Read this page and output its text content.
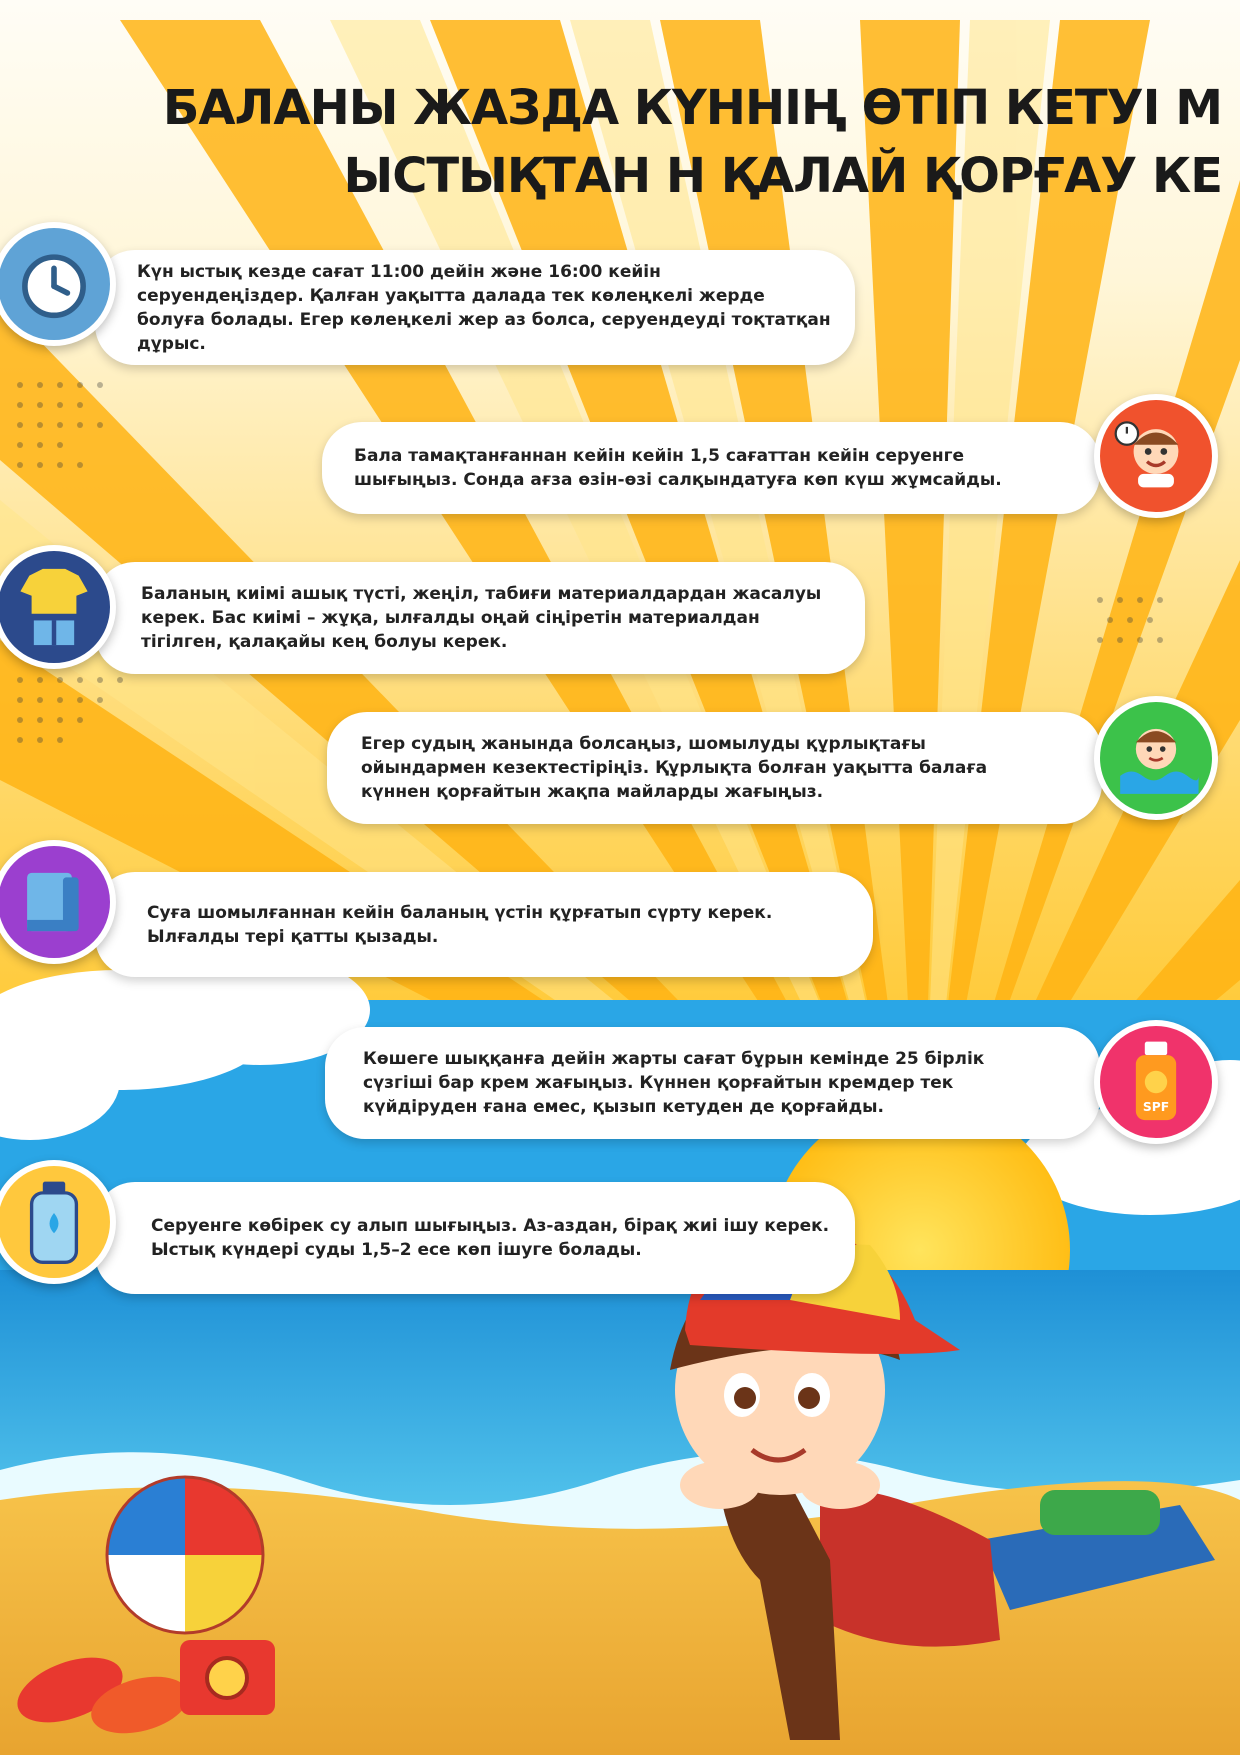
БАЛАНЫ ЖАЗДА КҮННІҢ ӨТІП КЕТУІ М
ЫСТЫҚТАН Н ҚАЛАЙ ҚОРҒАУ КЕ

Күн ыстық кезде сағат 11:00 дейін және 16:00 кейін серуендеңіздер. Қалған уақытта далада тек көлеңкелі жерде болуға болады. Егер көлеңкелі жер аз болса, серуендеуді тоқтатқан дұрыс.

Бала тамақтанғаннан кейін кейін 1,5 сағаттан кейін серуенге шығыңыз. Сонда ағза өзін-өзі салқындатуға көп күш жұмсайды.

Баланың киімі ашық түсті, жеңіл, табиғи материалдардан жасалуы керек. Бас киімі – жұқа, ылғалды оңай сіңіретін материалдан тігілген, қалақайы кең болуы керек.

Егер судың жанында болсаңыз, шомылуды құрлықтағы ойындармен кезектестіріңіз. Құрлықта болған уақытта балаға күннен қорғайтын жақпа майларды жағыңыз.

Суға шомылғаннан кейін баланың үстін құрғатып сүрту керек. Ылғалды тері қатты қызады.

Көшеге шыққанға дейін жарты сағат бұрын кемінде 25 бірлік сүзгіші бар крем жағыңыз. Күннен қорғайтын кремдер тек күйдіруден ғана емес, қызып кетуден де қорғайды.	SPF

Серуенге көбірек су алып шығыңыз. Аз-аздан, бірақ жиі ішу керек. Ыстық күндері суды 1,5–2 есе көп ішуге болады.
